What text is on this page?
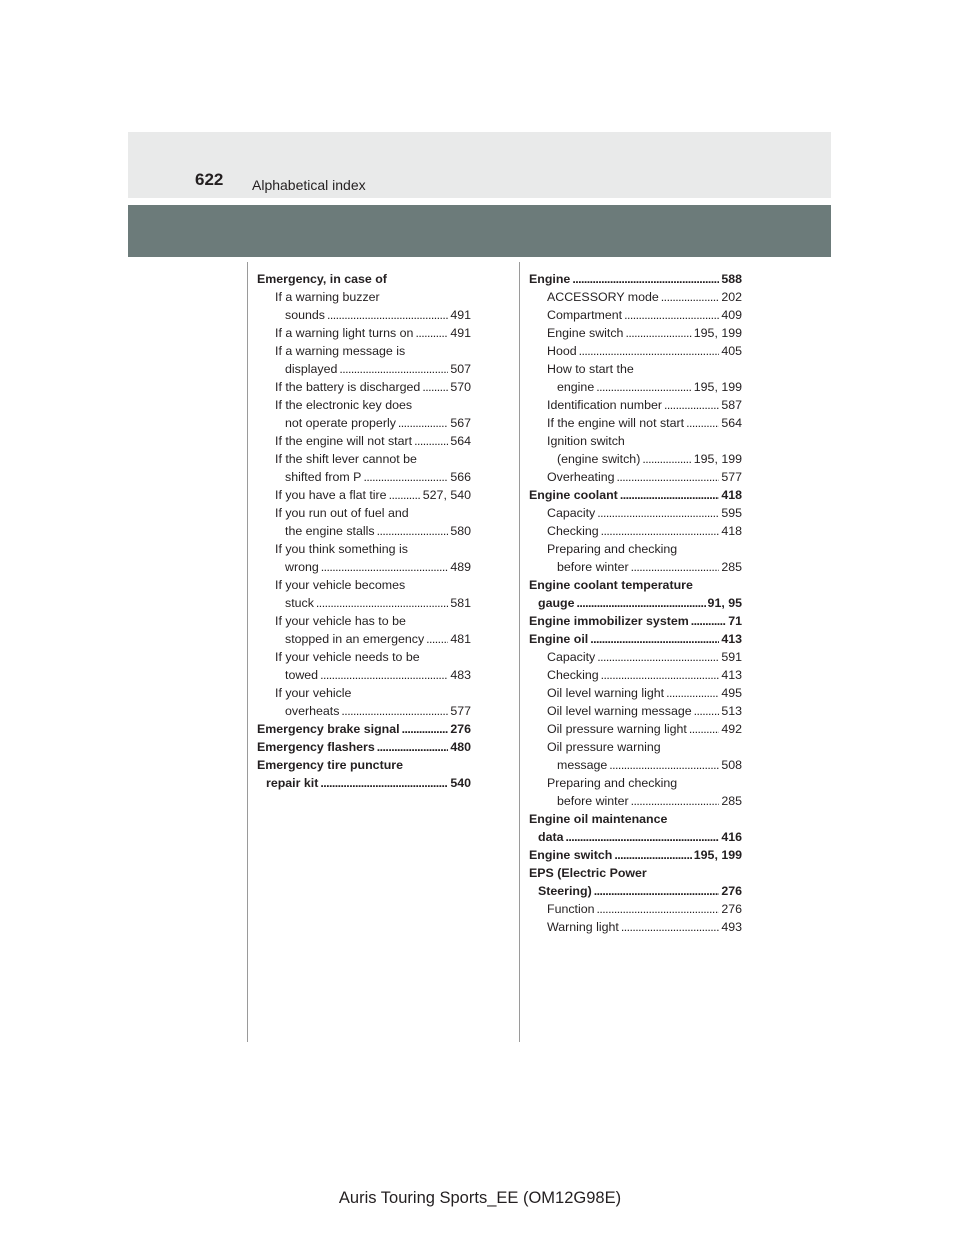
622 Alphabetical index
Emergency, in case of
If a warning buzzer
sounds . . .	491
If a warning light turns on . . .	491
If a warning message is
displayed . . .	507
If the battery is discharged . . . 570
If the electronic key does
not operate properly . . .	567
If the engine will not start . . .	564
If the shift lever cannot be
shifted from P . . .	566
If you have a flat tire . . .	527, 540
If you run out of fuel and
the engine stalls . . .	580
If you think something is
wrong . . .	489
If your vehicle becomes
stuck . . .	581
If your vehicle has to be
stopped in an emergency . . . 481
If your vehicle needs to be
towed . . .	483
If your vehicle
overheats . . .	577
Emergency brake signal . . .	276
Emergency flashers . . .	480
Emergency tire puncture
repair kit . . .	540
Engine . . .	588
ACCESSORY mode . . .	202
Compartment . . .	409
Engine switch . . .	195, 199
Hood . . .	405
How to start the
engine . . .	195, 199
Identification number . . .	587
If the engine will not start . . .	564
Ignition switch
(engine switch) . . .	195, 199
Overheating . . .	577
Engine coolant . . .	418
Capacity . . .	595
Checking . . .	418
Preparing and checking
before winter . . .	285
Engine coolant temperature
gauge . . .	91, 95
Engine immobilizer system . . .	71
Engine oil . . .	413
Capacity . . .	591
Checking . . .	413
Oil level warning light . . .	495
Oil level warning message . . . 513
Oil pressure warning light . . .	492
Oil pressure warning
message . . .	508
Preparing and checking
before winter . . .	285
Engine oil maintenance
data . . .	416
Engine switch . . .	195, 199
EPS (Electric Power
Steering) . . .	276
Function . . .	276
Warning light . . .	493
Auris Touring Sports_EE (OM12G98E)
